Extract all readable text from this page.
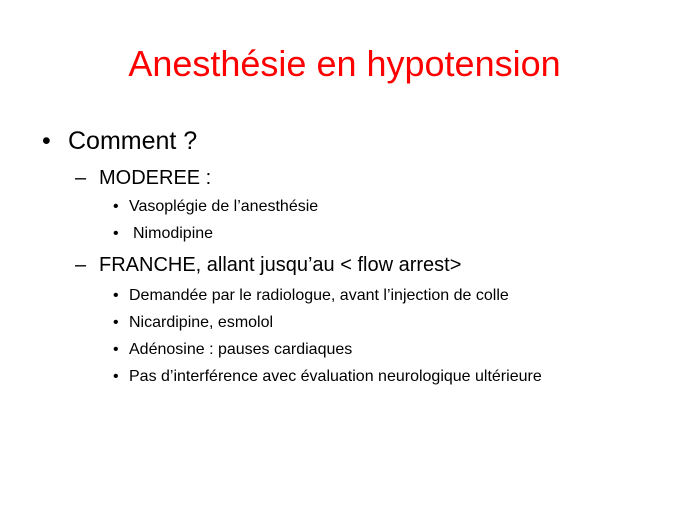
Anesthésie en hypotension
• Comment ?
– MODEREE :
• Vasoplégie de l’anesthésie
• Nimodipine
– FRANCHE, allant jusqu’au < flow arrest>
• Demandée par le radiologue, avant l’injection de colle
• Nicardipine, esmolol
• Adénosine : pauses cardiaques
• Pas d’interférence avec évaluation neurologique ultérieure
